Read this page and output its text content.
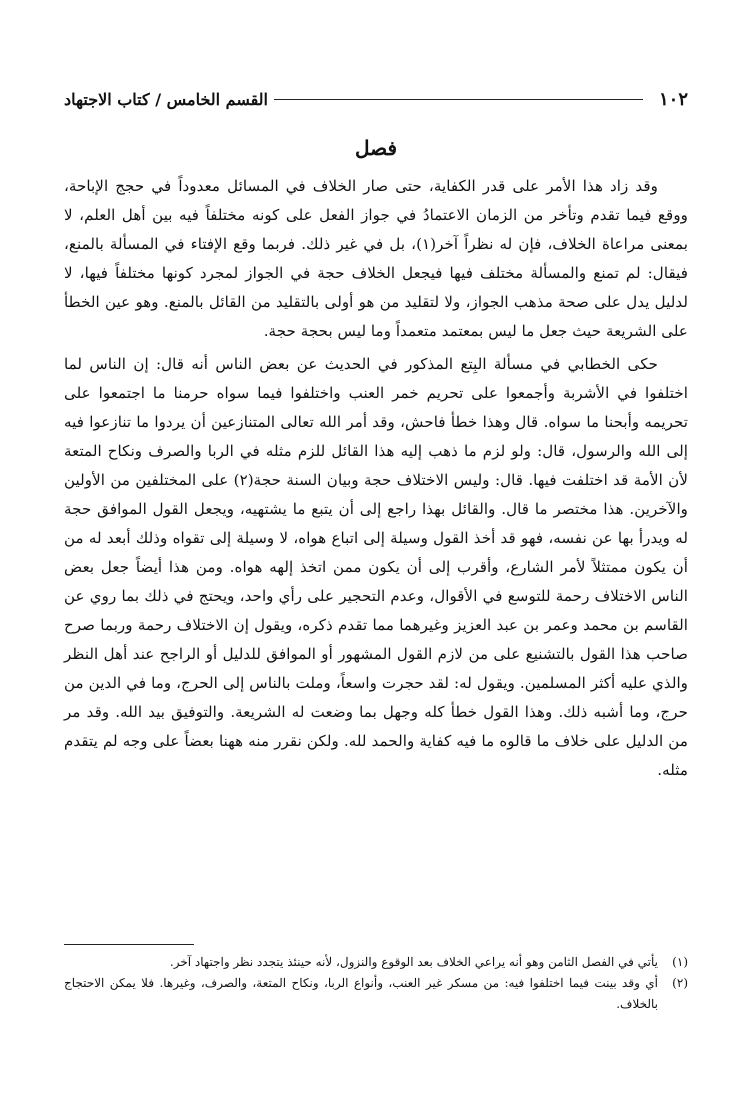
١٠٢
القسم الخامس / كتاب الاجتهاد
فصل

وقد زاد هذا الأمر على قدر الكفاية، حتى صار الخلاف في المسائل معدوداً في حجج الإباحة، ووقع فيما تقدم وتأخر من الزمان الاعتمادُ في جواز الفعل على كونه مختلفاً فيه بين أهل العلم، لا بمعنى مراعاة الخلاف، فإن له نظراً آخر(١)، بل في غير ذلك. فربما وقع الإفتاء في المسألة بالمنع، فيقال: لم تمنع والمسألة مختلف فيها فيجعل الخلاف حجة في الجواز لمجرد كونها مختلفاً فيها، لا لدليل يدل على صحة مذهب الجواز، ولا لتقليد من هو أولى بالتقليد من القائل بالمنع. وهو عين الخطأ على الشريعة حيث جعل ما ليس بمعتمد متعمداً وما ليس بحجة حجة.

حكى الخطابي في مسألة البِتع المذكور في الحديث عن بعض الناس أنه قال: إن الناس لما اختلفوا في الأشربة وأجمعوا على تحريم خمر العنب واختلفوا فيما سواه حرمنا ما اجتمعوا على تحريمه وأبحنا ما سواه. قال وهذا خطأ فاحش، وقد أمر الله تعالى المتنازعين أن يردوا ما تنازعوا فيه إلى الله والرسول، قال: ولو لزم ما ذهب إليه هذا القائل للزم مثله في الربا والصرف ونكاح المتعة لأن الأمة قد اختلفت فيها. قال: وليس الاختلاف حجة وبيان السنة حجة(٢) على المختلفين من الأولين والآخرين. هذا مختصر ما قال. والقائل بهذا راجع إلى أن يتبع ما يشتهيه، ويجعل القول الموافق حجة له ويدرأ بها عن نفسه، فهو قد أخذ القول وسيلة إلى اتباع هواه، لا وسيلة إلى تقواه وذلك أبعد له من أن يكون ممتثلاً لأمر الشارع، وأقرب إلى أن يكون ممن اتخذ إلهه هواه. ومن هذا أيضاً جعل بعض الناس الاختلاف رحمة للتوسع في الأقوال، وعدم التحجير على رأي واحد، ويحتج في ذلك بما روي عن القاسم بن محمد وعمر بن عبد العزيز وغيرهما مما تقدم ذكره، ويقول إن الاختلاف رحمة وربما صرح صاحب هذا القول بالتشنيع على من لازم القول المشهور أو الموافق للدليل أو الراجح عند أهل النظر والذي عليه أكثر المسلمين. ويقول له: لقد حجرت واسعاً، وملت بالناس إلى الحرج، وما في الدين من حرج، وما أشبه ذلك. وهذا القول خطأ كله وجهل بما وضعت له الشريعة. والتوفيق بيد الله. وقد مر من الدليل على خلاف ما قالوه ما فيه كفاية والحمد لله. ولكن نقرر منه ههنا بعضاً على وجه لم يتقدم مثله.

(١)
يأتي في الفصل الثامن وهو أنه يراعي الخلاف بعد الوقوع والنزول، لأنه حينئذ يتجدد نظر واجتهاد آخر.
(٢)
أي وقد بينت فيما اختلفوا فيه: من مسكر غير العنب، وأنواع الربا، ونكاح المتعة، والصرف، وغيرها. فلا يمكن الاحتجاج بالخلاف.
